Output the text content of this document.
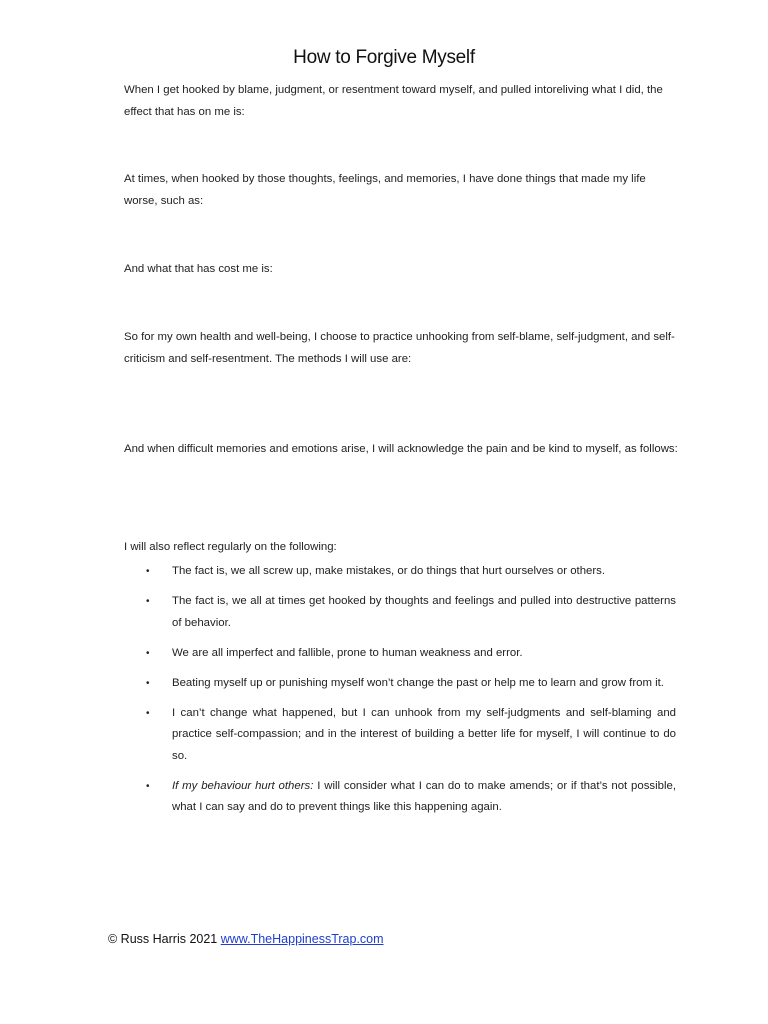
How to Forgive Myself
When I get hooked by blame, judgment, or resentment toward myself, and pulled intoreliving what I did, the effect that has on me is:
At times, when hooked by those thoughts, feelings, and memories, I have done things that made my life worse, such as:
And what that has cost me is:
So for my own health and well-being, I choose to practice unhooking from self-blame, self-judgment, and self-criticism and self-resentment. The methods I will use are:
And when difficult memories and emotions arise, I will acknowledge the pain and be kind to myself, as follows:
I will also reflect regularly on the following:
• The fact is, we all screw up, make mistakes, or do things that hurt ourselves or others.
• The fact is, we all at times get hooked by thoughts and feelings and pulled into destructive patterns of behavior.
• We are all imperfect and fallible, prone to human weakness and error.
• Beating myself up or punishing myself won’t change the past or help me to learn and grow from it.
• I can’t change what happened, but I can unhook from my self-judgments and self-blaming and practice self-compassion; and in the interest of building a better life for myself, I will continue to do so.
• If my behaviour hurt others: I will consider what I can do to make amends; or if that’s not possible, what I can say and do to prevent things like this happening again.
© Russ Harris 2021 www.TheHappinessTrap.com
